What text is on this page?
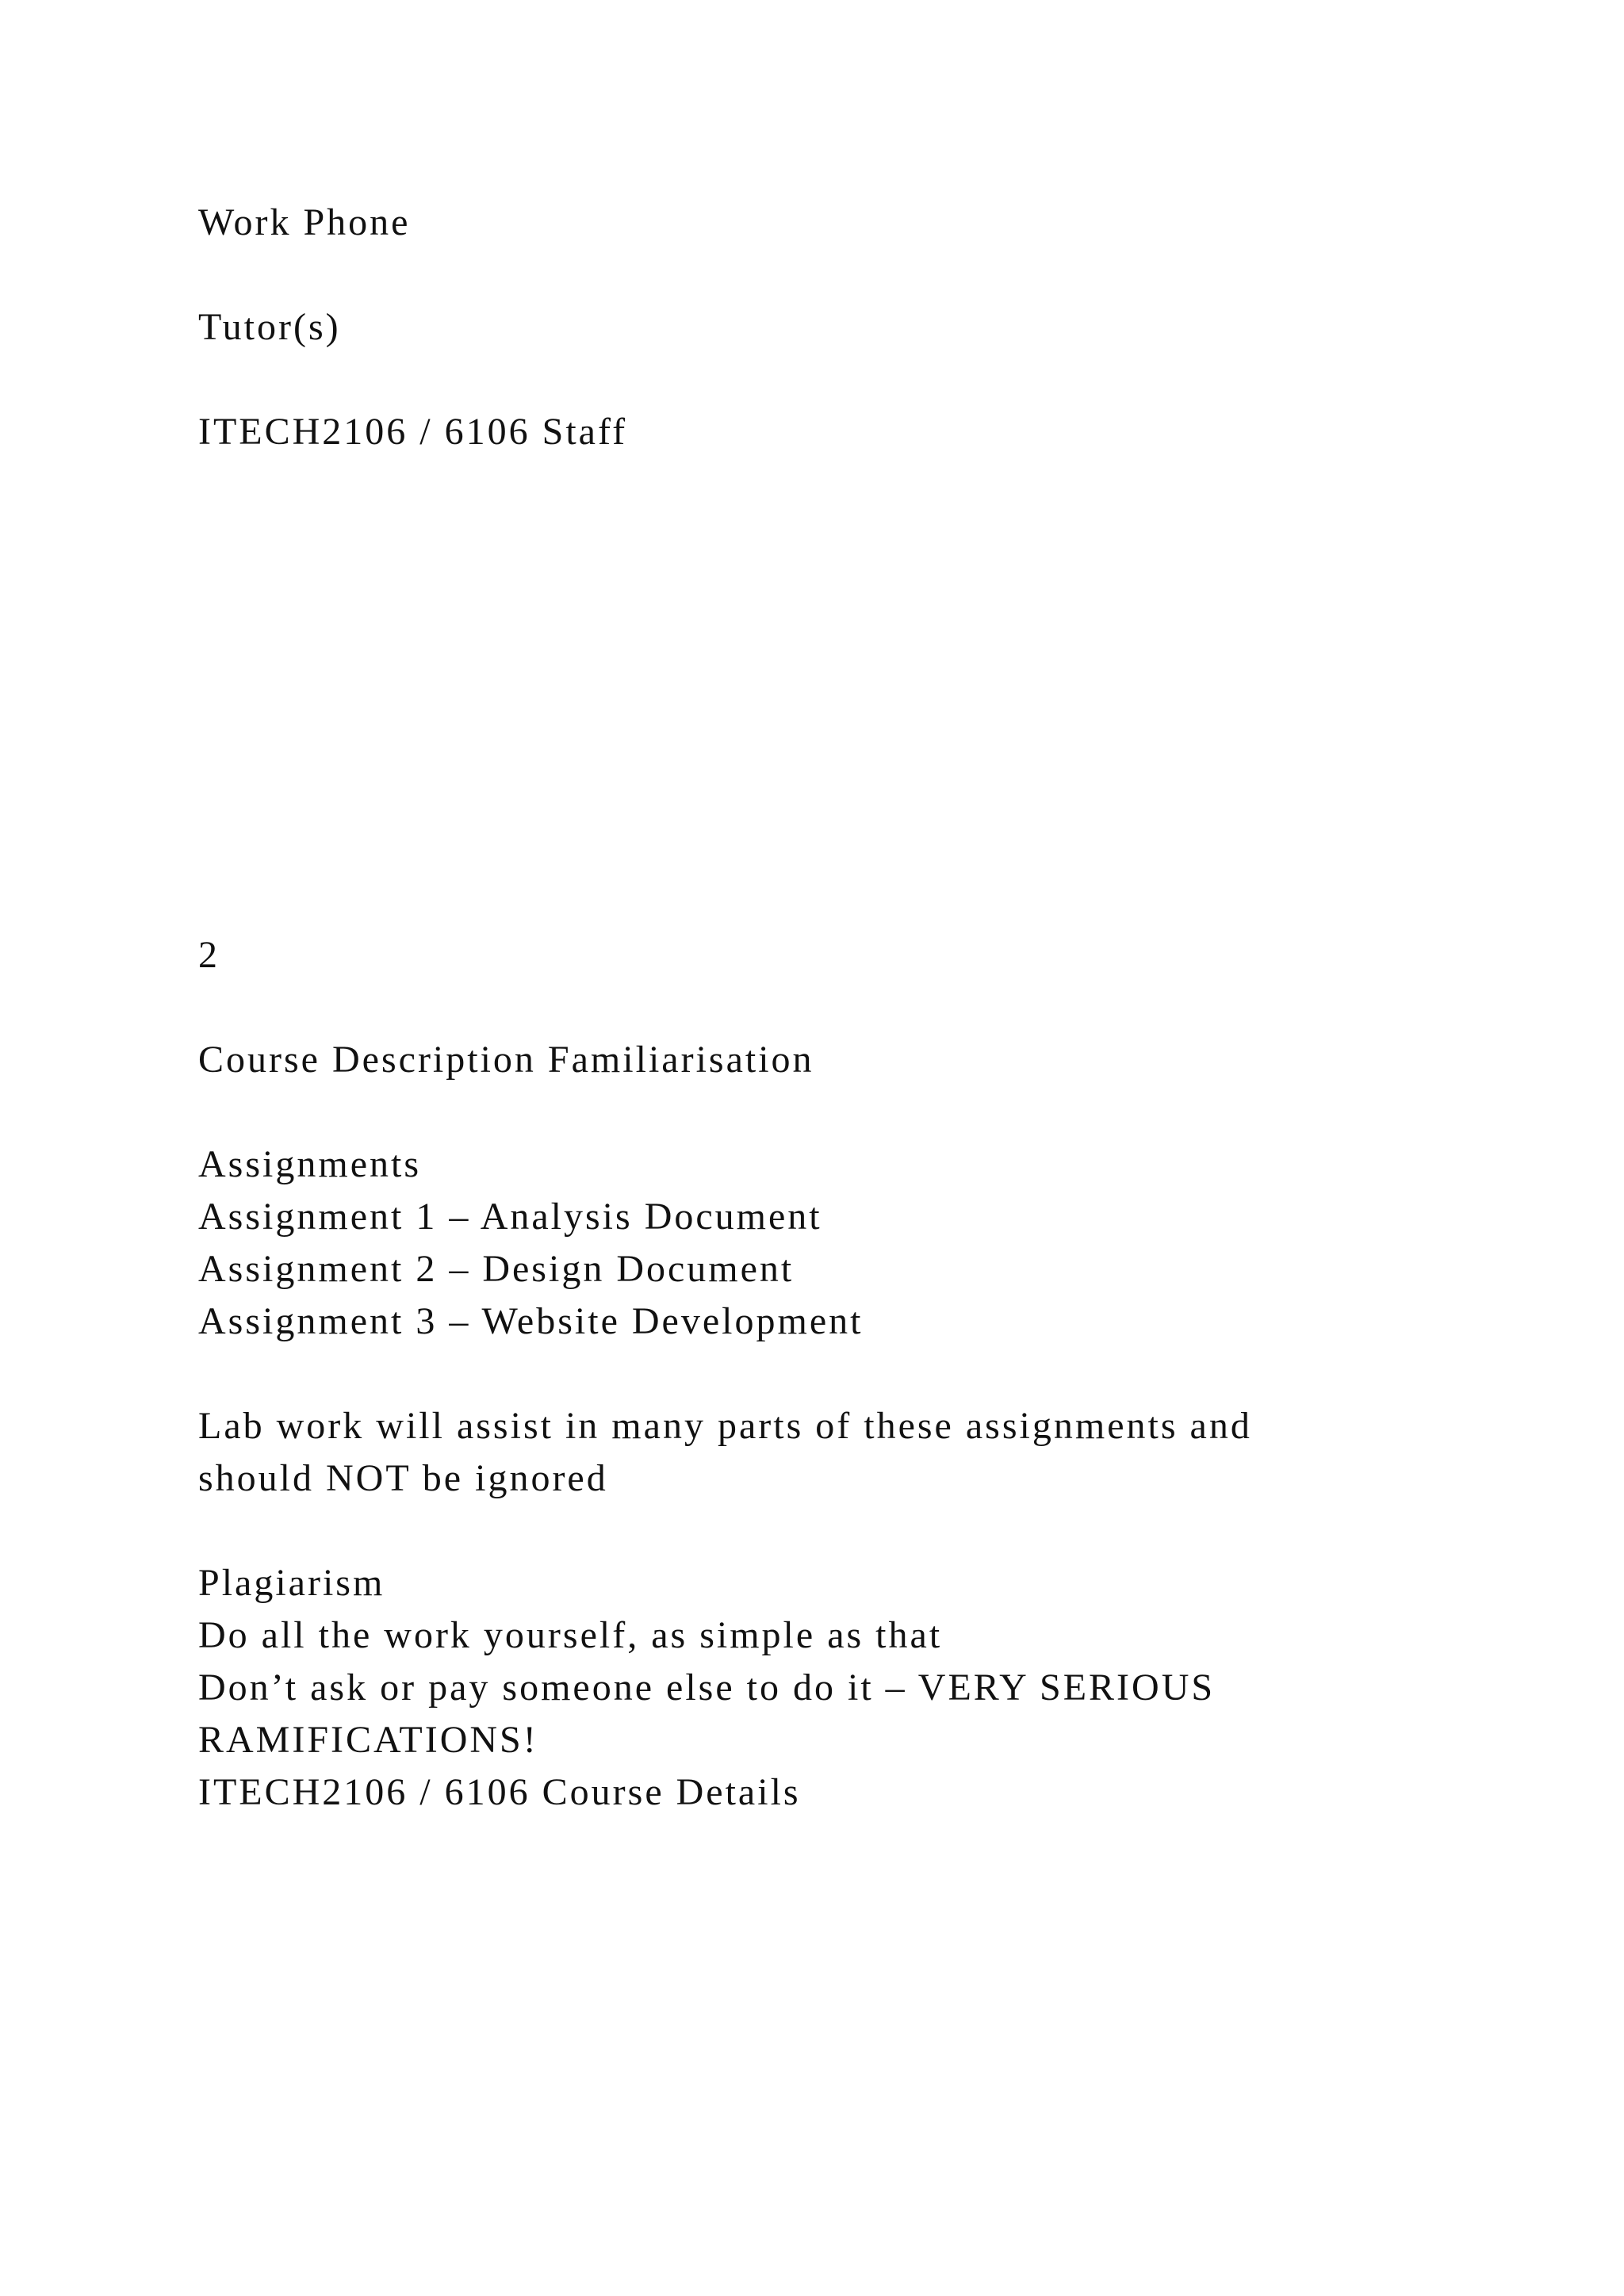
Work Phone

Tutor(s)

ITECH2106 / 6106 Staff

2

Course Description Familiarisation

Assignments

Assignment 1 – Analysis Document

Assignment 2 – Design Document

Assignment 3 – Website Development

Lab work will assist in many parts of these assignments and

should NOT be ignored

Plagiarism

Do all the work yourself, as simple as that

Don’t ask or pay someone else to do it – VERY SERIOUS

RAMIFICATIONS!

ITECH2106 / 6106 Course Details
